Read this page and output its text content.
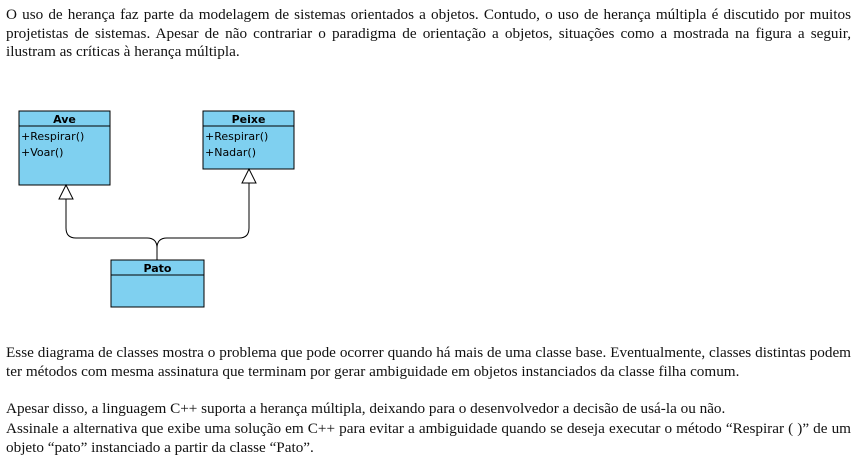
O uso de herança faz parte da modelagem de sistemas orientados a objetos. Contudo, o uso de herança múltipla é discutido por muitos projetistas de sistemas. Apesar de não contrariar o paradigma de orientação a objetos, situações como a mostrada na figura a seguir, ilustram as críticas à herança múltipla.

Ave
+Respirar()
+Voar()
Peixe
+Respirar()
+Nadar()
Pato

Esse diagrama de classes mostra o problema que pode ocorrer quando há mais de uma classe base. Eventualmente, classes distintas podem ter métodos com mesma assinatura que terminam por gerar ambiguidade em objetos instanciados da classe filha comum.

Apesar disso, a linguagem C++ suporta a herança múltipla, deixando para o desenvolvedor a decisão de usá-la ou não.

Assinale a alternativa que exibe uma solução em C++ para evitar a ambiguidade quando se deseja executar o método “Respirar ( )” de um objeto “pato” instanciado a partir da classe “Pato”.
